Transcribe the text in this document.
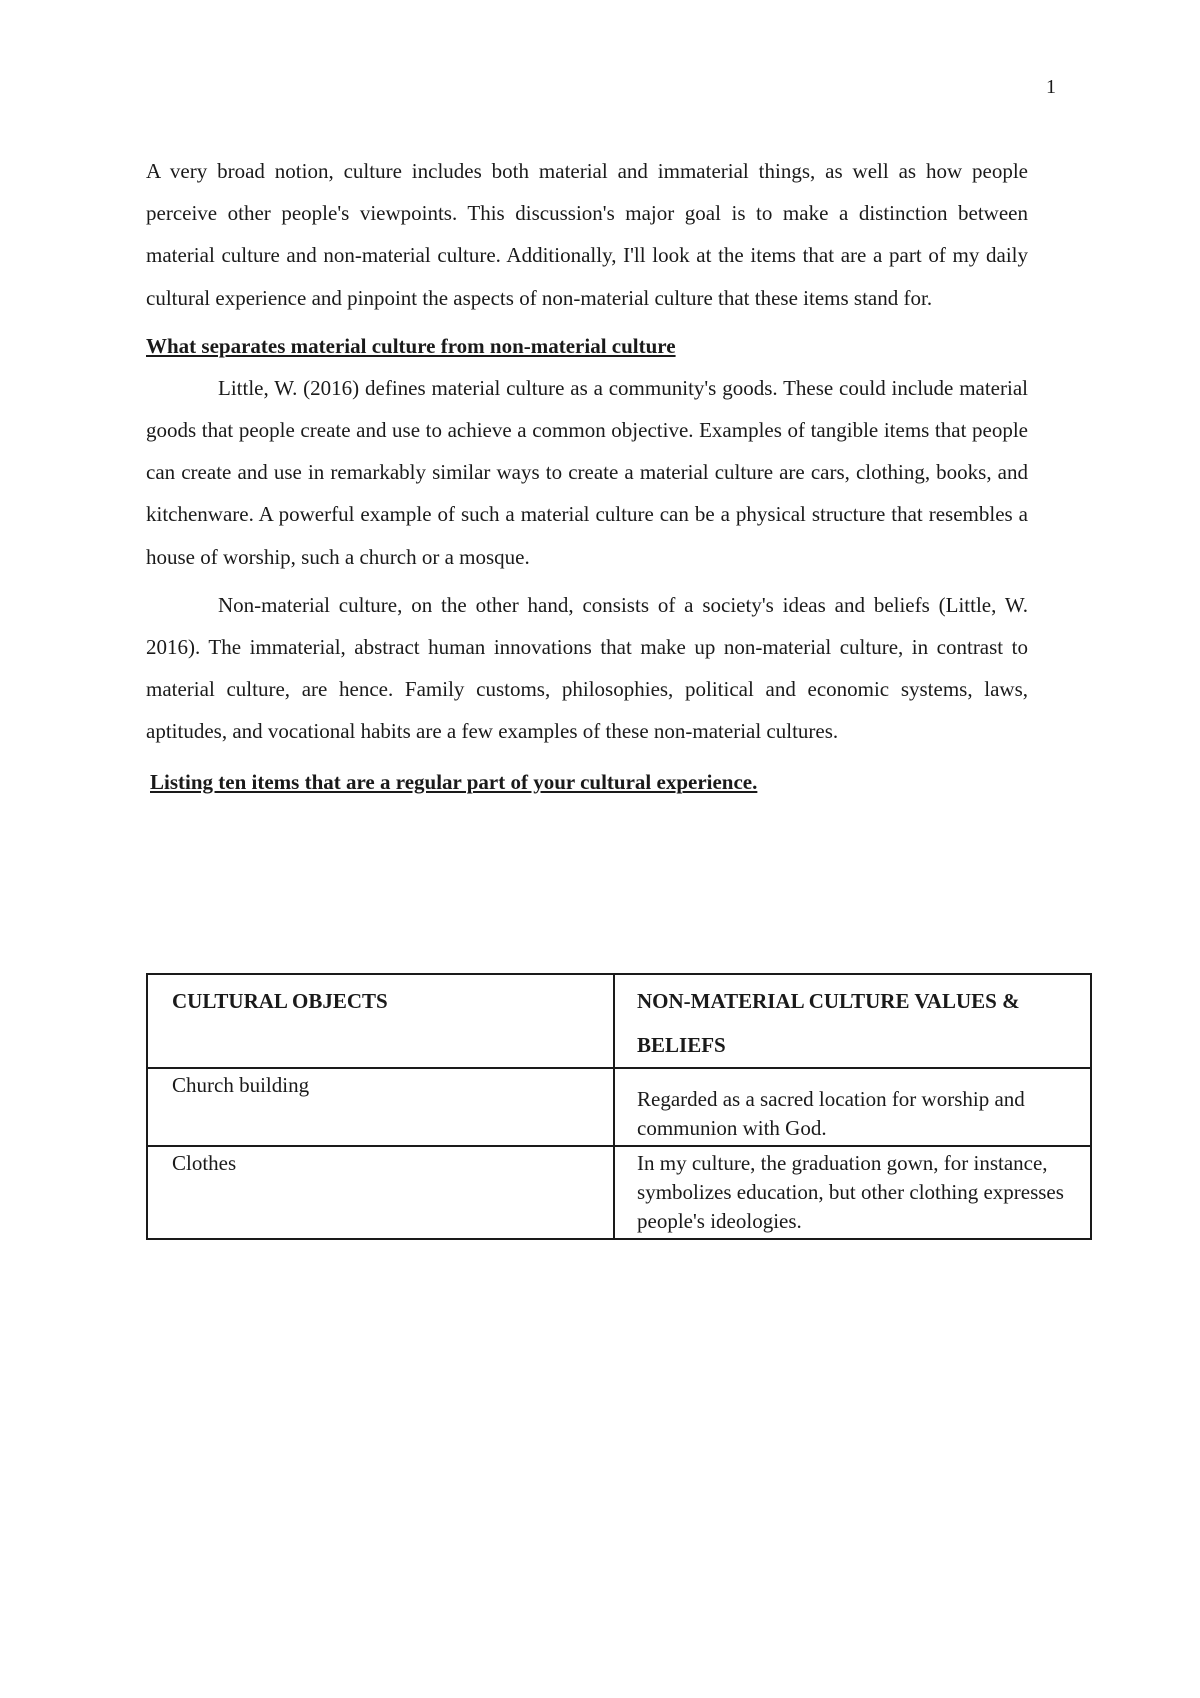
1

A very broad notion, culture includes both material and immaterial things, as well as how people perceive other people's viewpoints. This discussion's major goal is to make a distinction between material culture and non-material culture. Additionally, I'll look at the items that are a part of my daily cultural experience and pinpoint the aspects of non-material culture that these items stand for.

What separates material culture from non-material culture

Little, W. (2016) defines material culture as a community's goods. These could include material goods that people create and use to achieve a common objective. Examples of tangible items that people can create and use in remarkably similar ways to create a material culture are cars, clothing, books, and kitchenware. A powerful example of such a material culture can be a physical structure that resembles a house of worship, such a church or a mosque.

Non-material culture, on the other hand, consists of a society's ideas and beliefs (Little, W. 2016). The immaterial, abstract human innovations that make up non-material culture, in contrast to material culture, are hence. Family customs, philosophies, political and economic systems, laws, aptitudes, and vocational habits are a few examples of these non-material cultures.

Listing ten items that are a regular part of your cultural experience.
CULTURAL OBJECTS	NON-MATERIAL CULTURE VALUES & BELIEFS

Church building	Regarded as a sacred location for worship and communion with God.

Clothes	In my culture, the graduation gown, for instance, symbolizes education, but other clothing expresses people's ideologies.
